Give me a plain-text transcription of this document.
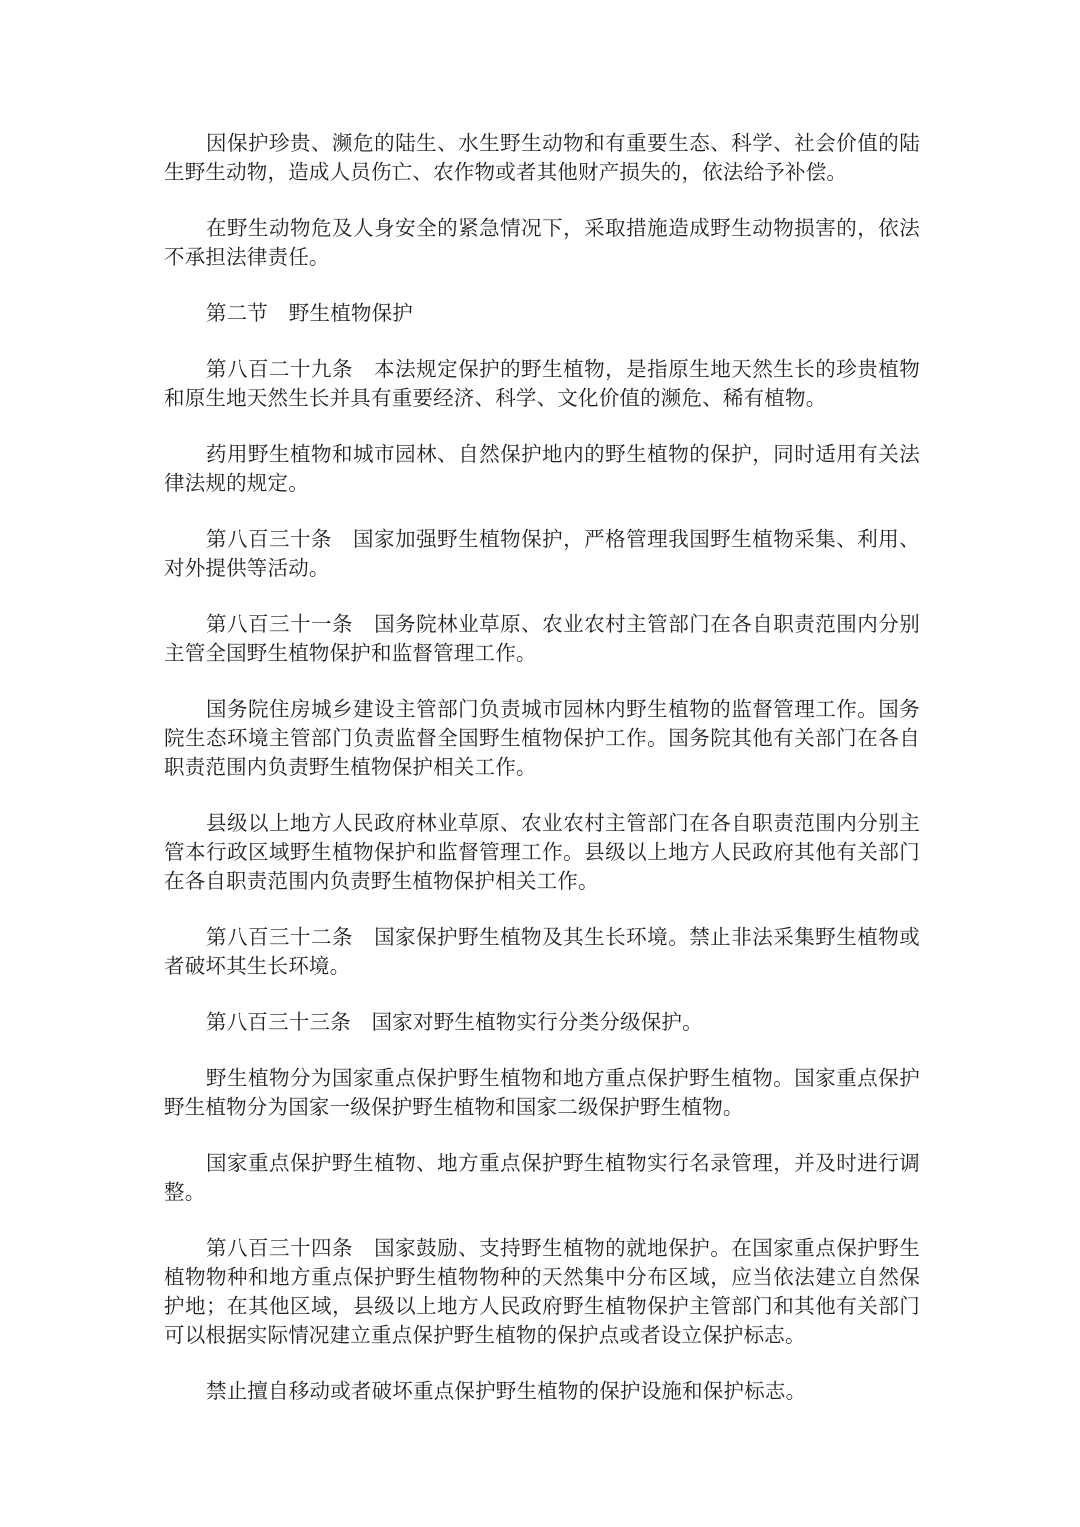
因保护珍贵、濒危的陆生、水生野生动物和有重要生态、科学、社会价值的陆生野生动物，造成人员伤亡、农作物或者其他财产损失的，依法给予补偿。

在野生动物危及人身安全的紧急情况下，采取措施造成野生动物损害的，依法不承担法律责任。

第二节　野生植物保护

第八百二十九条　本法规定保护的野生植物，是指原生地天然生长的珍贵植物和原生地天然生长并具有重要经济、科学、文化价值的濒危、稀有植物。

药用野生植物和城市园林、自然保护地内的野生植物的保护，同时适用有关法律法规的规定。

第八百三十条　国家加强野生植物保护，严格管理我国野生植物采集、利用、对外提供等活动。

第八百三十一条　国务院林业草原、农业农村主管部门在各自职责范围内分别主管全国野生植物保护和监督管理工作。

国务院住房城乡建设主管部门负责城市园林内野生植物的监督管理工作。国务院生态环境主管部门负责监督全国野生植物保护工作。国务院其他有关部门在各自职责范围内负责野生植物保护相关工作。

县级以上地方人民政府林业草原、农业农村主管部门在各自职责范围内分别主管本行政区域野生植物保护和监督管理工作。县级以上地方人民政府其他有关部门在各自职责范围内负责野生植物保护相关工作。

第八百三十二条　国家保护野生植物及其生长环境。禁止非法采集野生植物或者破坏其生长环境。

第八百三十三条　国家对野生植物实行分类分级保护。

野生植物分为国家重点保护野生植物和地方重点保护野生植物。国家重点保护野生植物分为国家一级保护野生植物和国家二级保护野生植物。

国家重点保护野生植物、地方重点保护野生植物实行名录管理，并及时进行调整。

第八百三十四条　国家鼓励、支持野生植物的就地保护。在国家重点保护野生植物物种和地方重点保护野生植物物种的天然集中分布区域，应当依法建立自然保护地；在其他区域，县级以上地方人民政府野生植物保护主管部门和其他有关部门可以根据实际情况建立重点保护野生植物的保护点或者设立保护标志。

禁止擅自移动或者破坏重点保护野生植物的保护设施和保护标志。
